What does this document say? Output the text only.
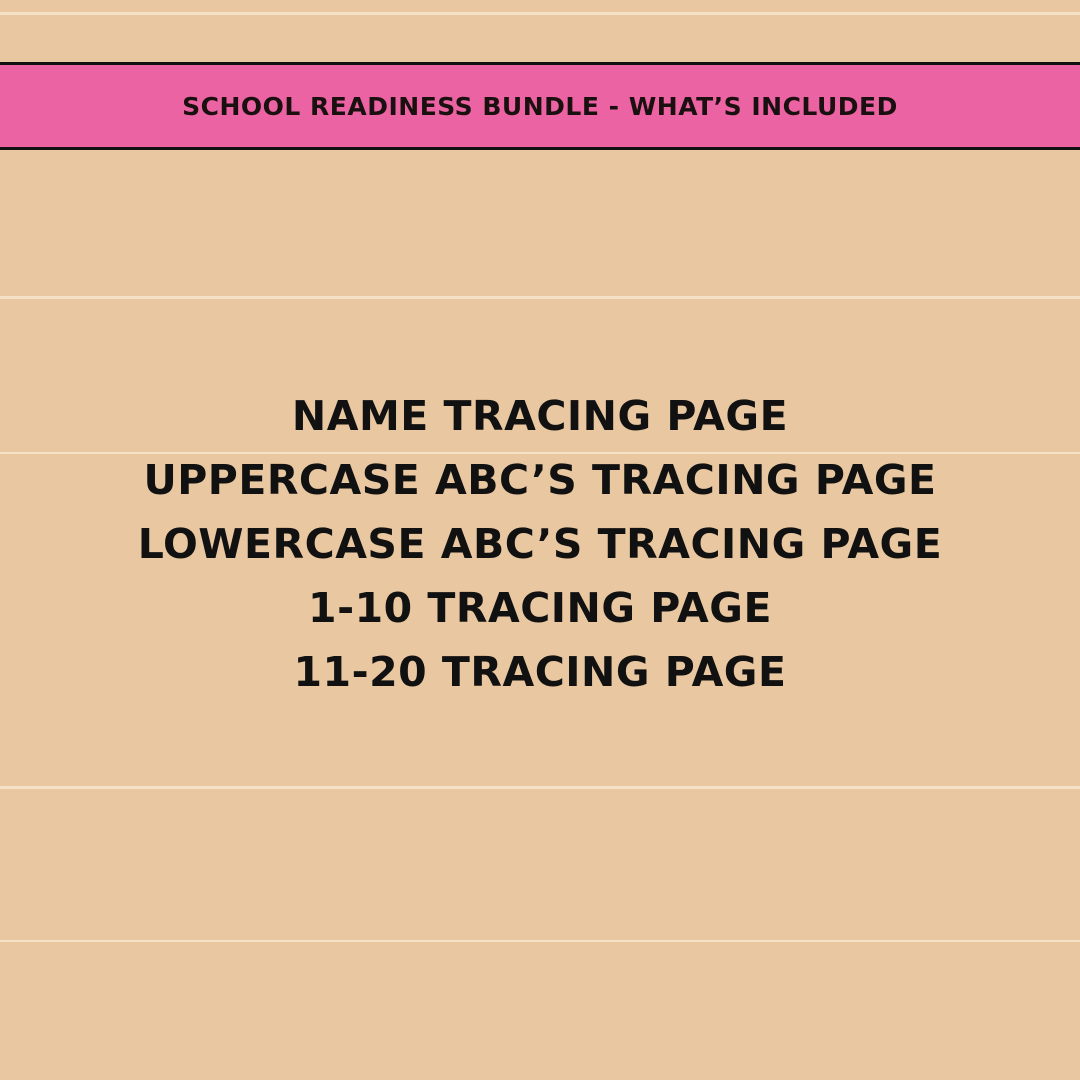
SCHOOL READINESS BUNDLE - WHAT’S INCLUDED
NAME TRACING PAGE
UPPERCASE ABC’S TRACING PAGE
LOWERCASE ABC’S TRACING PAGE
1-10 TRACING PAGE
11-20 TRACING PAGE
